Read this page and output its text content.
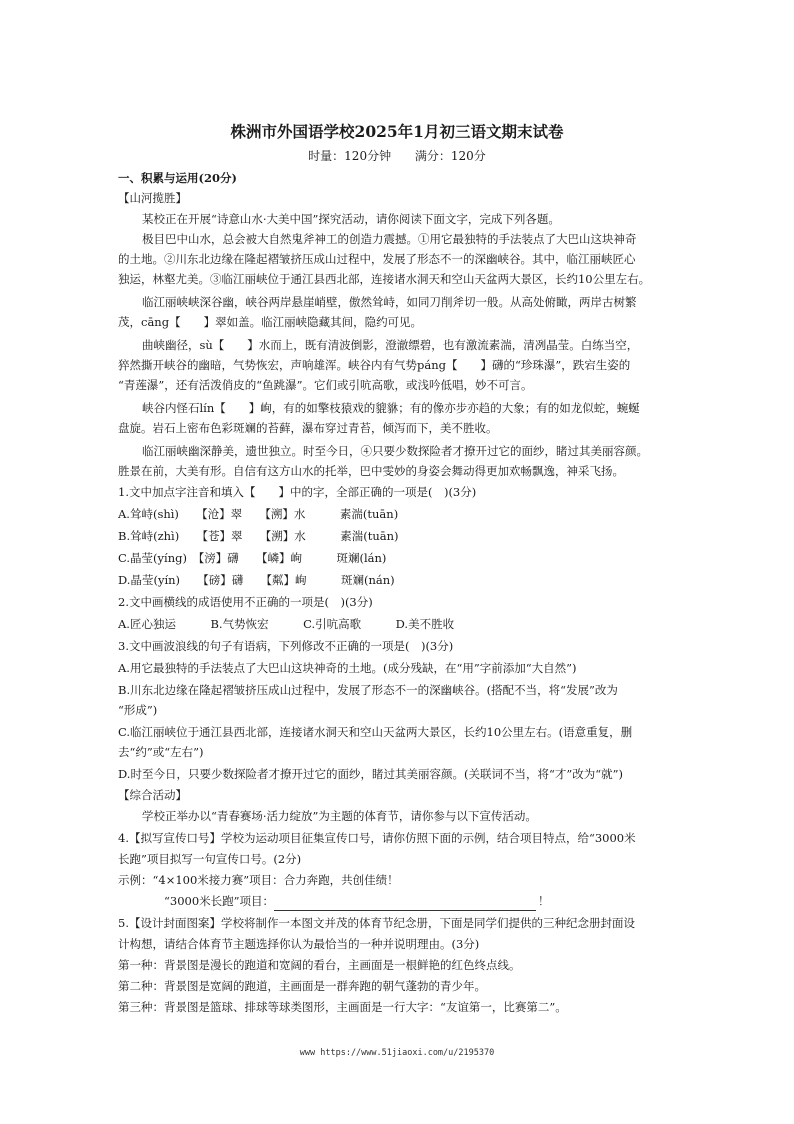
株洲市外国语学校2025年1月初三语文期末试卷
时量：120分钟 满分：120分
一、积累与运用(20分)
【山河揽胜】
某校正在开展“诗意山水·大美中国”探究活动，请你阅读下面文字，完成下列各题。
极目巴中山水，总会被大自然鬼斧神工的创造力震撼。①用它最独特的手法装点了大巴山这块神奇
的土地。②川东北边缘在隆起褶皱挤压成山过程中，发展了形态不一的深幽峡谷。其中，临江丽峡匠心
独运，林壑尤美。③临江丽峡位于通江县西北部，连接诸水洞天和空山天盆两大景区，长约10公里左右。
临江丽峡峡深谷幽，峡谷两岸悬崖峭壁，傲然耸峙，如同刀削斧切一般。从高处俯瞰，两岸古树繁
茂，cāng【　　】翠如盖。临江丽峡隐藏其间，隐约可见。
曲峡幽径，sù【　　】水而上，既有清波倒影，澄澈缥碧，也有激流素湍，清冽晶莹。白练当空，
猝然撕开峡谷的幽暗，气势恢宏，声响雄浑。峡谷内有气势páng【　　】礴的“珍珠瀑”，跌宕生姿的
“青莲瀑”，还有活泼俏皮的“鱼跳瀑”。它们或引吭高歌，或浅吟低唱，妙不可言。
峡谷内怪石lín【　　】峋，有的如擎枝猿戏的貔貅；有的像亦步亦趋的大象；有的如龙似蛇，蜿蜒
盘旋。岩石上密布色彩斑斓的苔藓，瀑布穿过青苔，倾泻而下，美不胜收。
临江丽峡幽深静美，遗世独立。时至今日，④只要少数探险者才撩开过它的面纱，睹过其美丽容颜。
胜景在前，大美有形。自信有这方山水的托举，巴中雯妙的身姿会舞动得更加欢畅飘逸，神采飞扬。
1.文中加点字注音和填入【　　】中的字，全部正确的一项是(　)(3分)
A.耸峙(shì)　　【沧】翠　　【溯】水　　　素湍(tuān)
B.耸峙(zhì)　　【苍】翠　　【溯】水　　　素湍(tuān)
C.晶莹(yíng)　【滂】礴　　【嶙】峋　　　斑斓(lán)
D.晶莹(yín)　　【磅】礴　　【粼】峋　　　斑斓(nán)
2.文中画横线的成语使用不正确的一项是(　)(3分)
A.匠心独运　　　B.气势恢宏　　　C.引吭高歌　　　D.美不胜收
3.文中画波浪线的句子有语病，下列修改不正确的一项是(　)(3分)
A.用它最独特的手法装点了大巴山这块神奇的土地。(成分残缺，在“用”字前添加“大自然”)
B.川东北边缘在隆起褶皱挤压成山过程中，发展了形态不一的深幽峡谷。(搭配不当，将“发展”改为
“形成”)
C.临江丽峡位于通江县西北部，连接诸水洞天和空山天盆两大景区，长约10公里左右。(语意重复，删
去“约”或“左右”)
D.时至今日，只要少数探险者才撩开过它的面纱，睹过其美丽容颜。(关联词不当，将“才”改为“就”)
【综合活动】
学校正举办以“青春赛场·活力绽放”为主题的体育节，请你参与以下宣传活动。
4.【拟写宣传口号】学校为运动项目征集宣传口号，请你仿照下面的示例，结合项目特点，给“3000米
长跑”项目拟写一句宣传口号。(2分)
示例：“4×100米接力赛”项目：合力奔跑，共创佳绩！
“3000米长跑”项目：	！
5.【设计封面图案】学校将制作一本图文并茂的体育节纪念册，下面是同学们提供的三种纪念册封面设
计构想，请结合体育节主题选择你认为最恰当的一种并说明理由。(3分)
第一种：背景图是漫长的跑道和宽阔的看台，主画面是一根鲜艳的红色终点线。
第二种：背景图是宽阔的跑道，主画面是一群奔跑的朝气蓬勃的青少年。
第三种：背景图是篮球、排球等球类图形，主画面是一行大字：“友谊第一，比赛第二”。
www https://www.51jiaoxi.com/u/2195370
